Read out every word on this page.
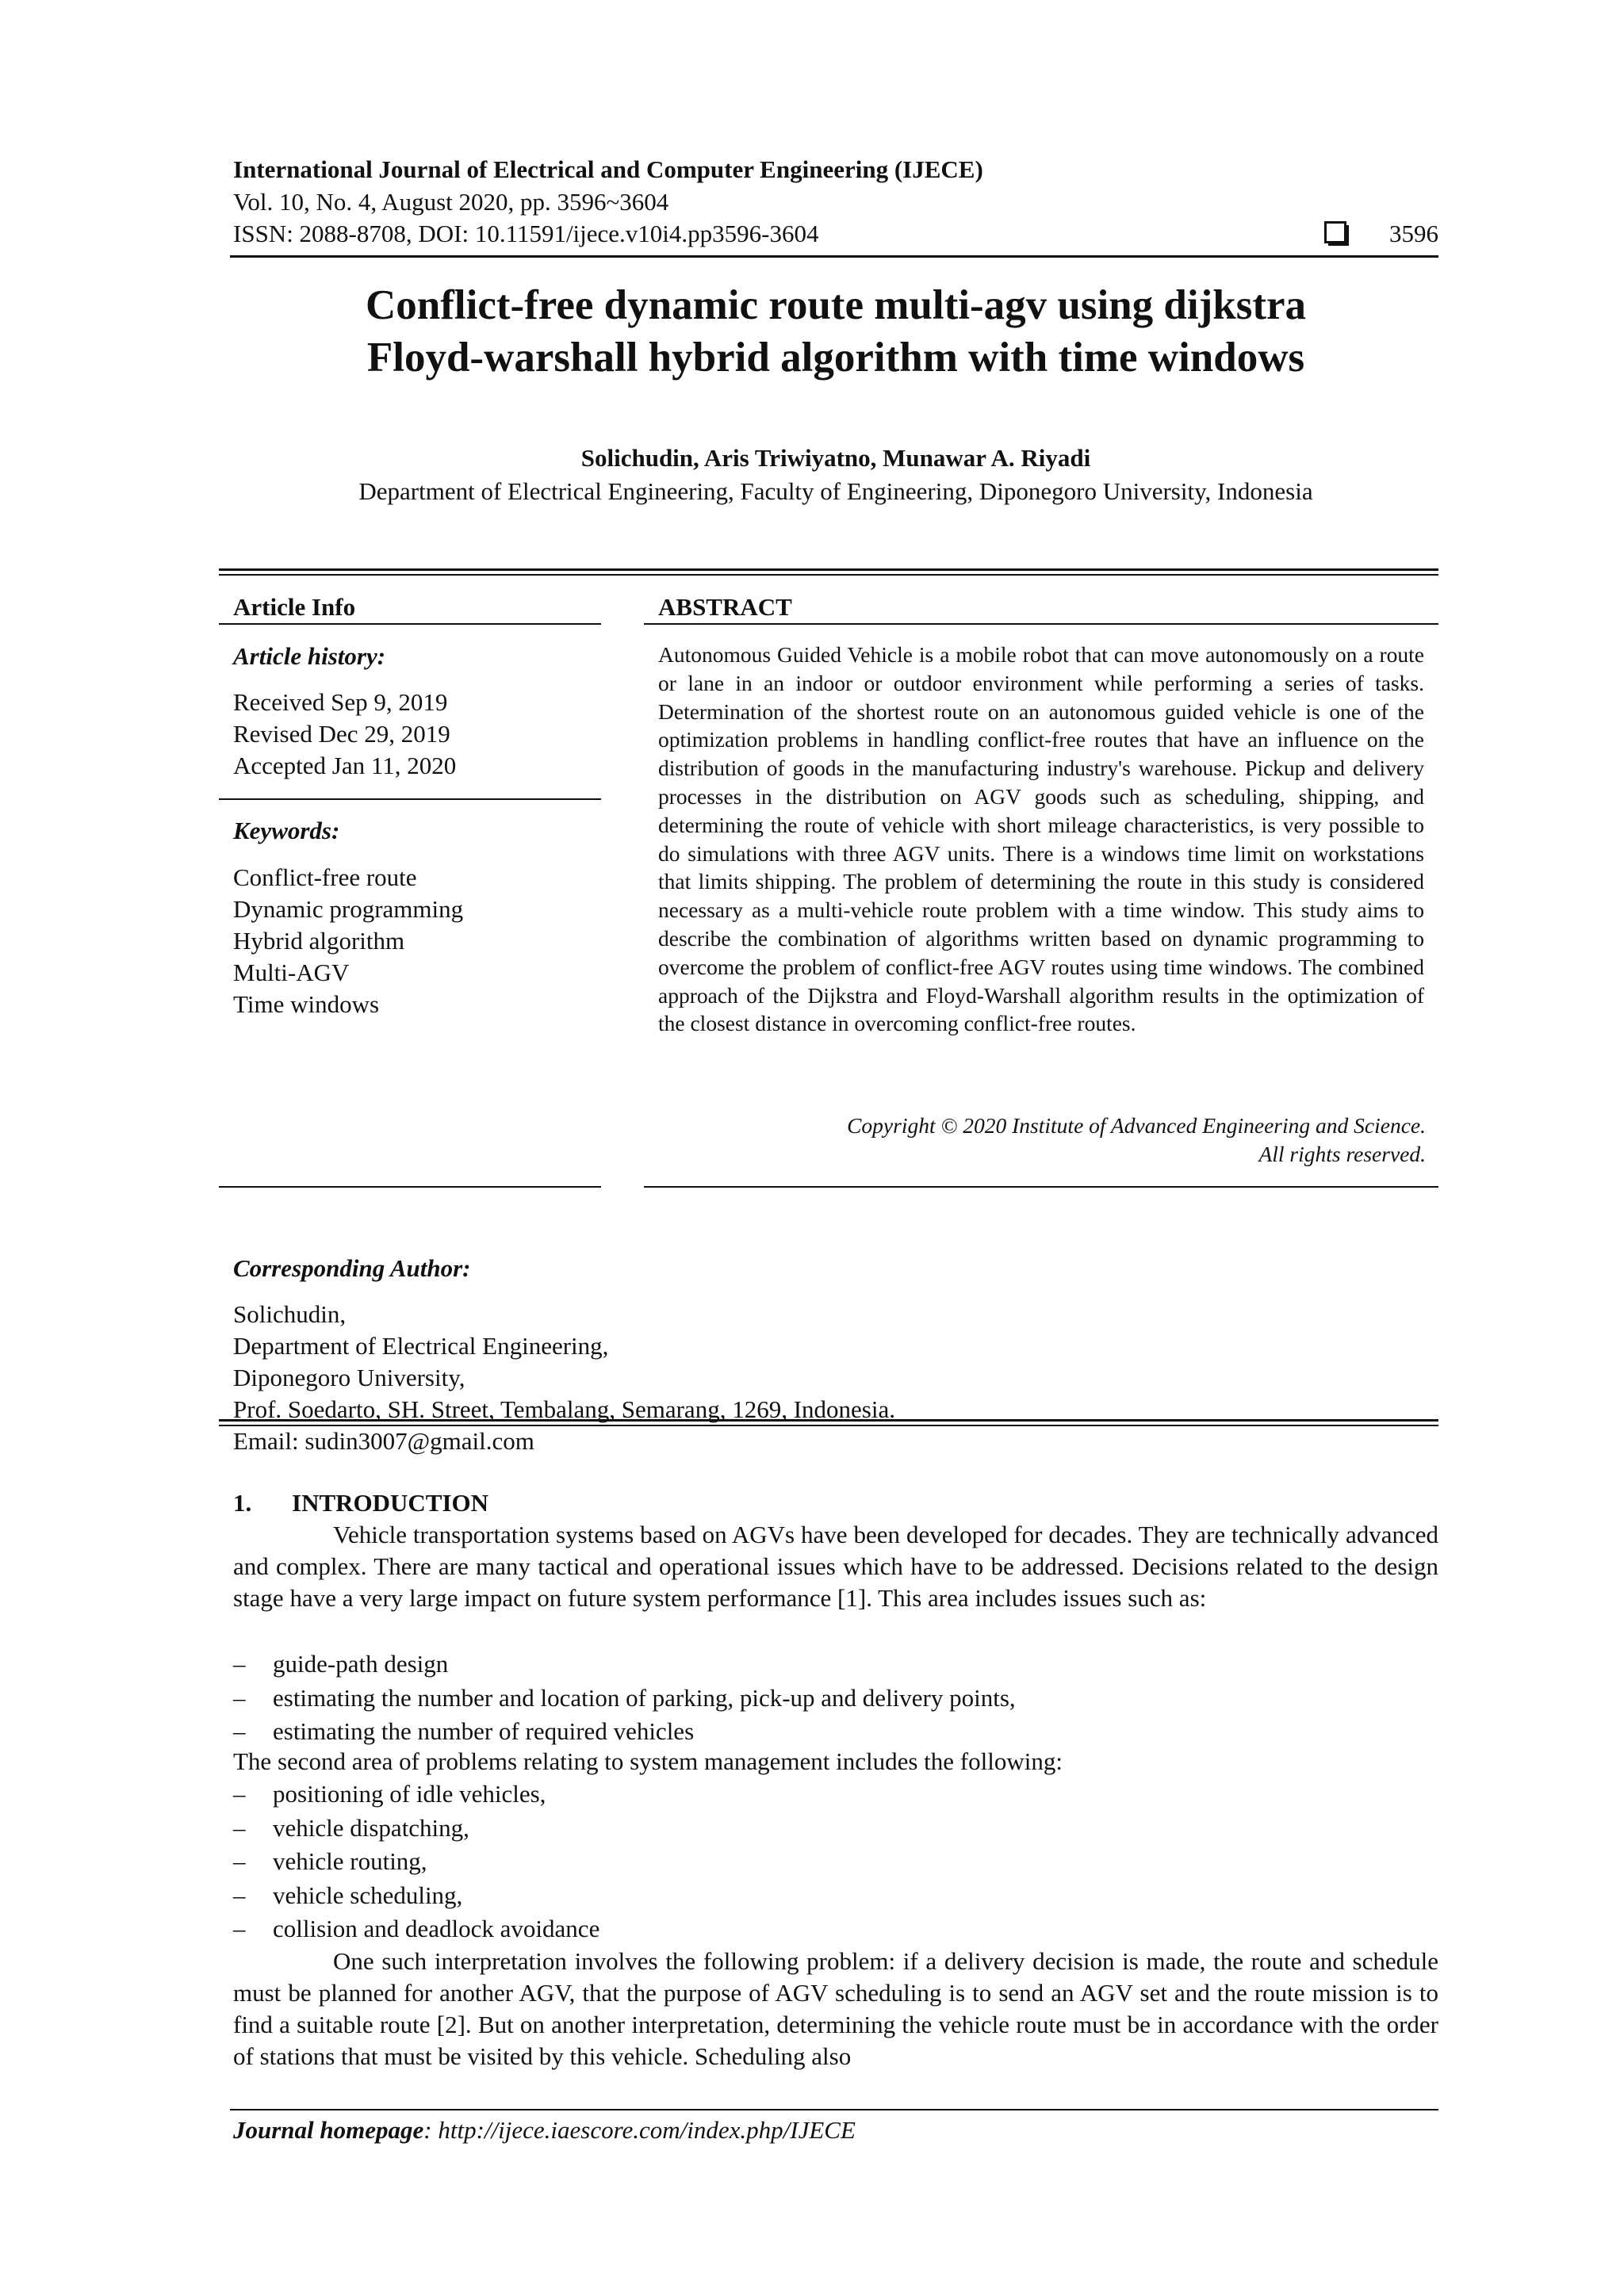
International Journal of Electrical and Computer Engineering (IJECE)
Vol. 10, No. 4, August 2020, pp. 3596~3604
ISSN: 2088-8708, DOI: 10.11591/ijece.v10i4.pp3596-3604	3596
Conflict-free dynamic route multi-agv using dijkstra
Floyd-warshall hybrid algorithm with time windows
Solichudin, Aris Triwiyatno, Munawar A. Riyadi
Department of Electrical Engineering, Faculty of Engineering, Diponegoro University, Indonesia
Article Info
Article history:
Received Sep 9, 2019
Revised Dec 29, 2019
Accepted Jan 11, 2020
Keywords:
Conflict-free route
Dynamic programming
Hybrid algorithm
Multi-AGV
Time windows
ABSTRACT
Autonomous Guided Vehicle is a mobile robot that can move autonomously on a route or lane in an indoor or outdoor environment while performing a series of tasks. Determination of the shortest route on an autonomous guided vehicle is one of the optimization problems in handling conflict-free routes that have an influence on the distribution of goods in the manufacturing industry's warehouse. Pickup and delivery processes in the distribution on AGV goods such as scheduling, shipping, and determining the route of vehicle with short mileage characteristics, is very possible to do simulations with three AGV units. There is a windows time limit on workstations that limits shipping. The problem of determining the route in this study is considered necessary as a multi-vehicle route problem with a time window. This study aims to describe the combination of algorithms written based on dynamic programming to overcome the problem of conflict-free AGV routes using time windows. The combined approach of the Dijkstra and Floyd-Warshall algorithm results in the optimization of the closest distance in overcoming conflict-free routes.
Copyright © 2020 Institute of Advanced Engineering and Science.
All rights reserved.
Corresponding Author:
Solichudin,
Department of Electrical Engineering,
Diponegoro University,
Prof. Soedarto, SH. Street, Tembalang, Semarang, 1269, Indonesia.
Email: sudin3007@gmail.com
1. INTRODUCTION
Vehicle transportation systems based on AGVs have been developed for decades. They are technically advanced and complex. There are many tactical and operational issues which have to be addressed. Decisions related to the design stage have a very large impact on future system performance [1]. This area includes issues such as:
– guide-path design
– estimating the number and location of parking, pick-up and delivery points,
– estimating the number of required vehicles
The second area of problems relating to system management includes the following:
– positioning of idle vehicles,
– vehicle dispatching,
– vehicle routing,
– vehicle scheduling,
– collision and deadlock avoidance
One such interpretation involves the following problem: if a delivery decision is made, the route and schedule must be planned for another AGV, that the purpose of AGV scheduling is to send an AGV set and the route mission is to find a suitable route [2]. But on another interpretation, determining the vehicle route must be in accordance with the order of stations that must be visited by this vehicle. Scheduling also
Journal homepage: http://ijece.iaescore.com/index.php/IJECE
